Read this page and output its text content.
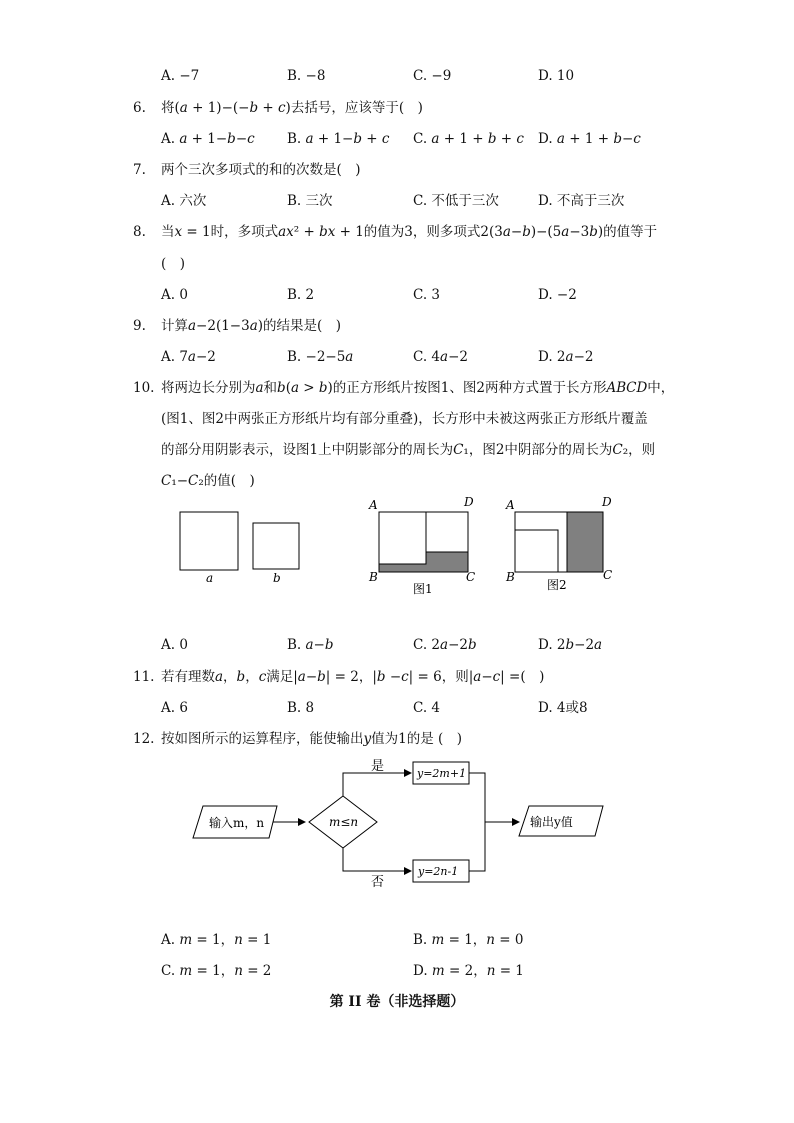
A. −7	B. −8	C. −9	D. 10
6. 将(𝑎 + 1)−(−𝑏 + 𝑐)去括号，应该等于(　)
A. 𝑎 + 1−𝑏−𝑐 B. 𝑎 + 1−𝑏 + 𝑐 C. 𝑎 + 1 + 𝑏 + 𝑐 D. 𝑎 + 1 + 𝑏−𝑐
7. 两个三次多项式的和的次数是(　)
A. 六次	B. 三次	C. 不低于三次	D. 不高于三次
8. 当𝑥 = 1时，多项式𝑎𝑥² + 𝑏𝑥 + 1的值为3，则多项式2(3𝑎−𝑏)−(5𝑎−3𝑏)的值等于
(　)
A. 0	B. 2	C. 3	D. −2
9. 计算𝑎−2(1−3𝑎)的结果是(　)
A. 7𝑎−2	B. −2−5𝑎	C. 4𝑎−2	D. 2𝑎−2
10. 将两边长分别为𝑎和𝑏(𝑎 > 𝑏)的正方形纸片按图1、图2两种方式置于长方形𝐴𝐵𝐶𝐷中，
(图1、图2中两张正方形纸片均有部分重叠)，长方形中未被这两张正方形纸片覆盖
的部分用阴影表示，设图1上中阴影部分的周长为𝐶₁，图2中阴部分的周长为𝐶₂，则
𝐶₁−𝐶₂的值(　)
a	b
A	D
B	C
图1
A	D
B	C
图2
A. 0	B. 𝑎−𝑏	C. 2𝑎−2𝑏	D. 2𝑏−2𝑎
11. 若有理数𝑎，𝑏，𝑐满足|𝑎−𝑏| = 2，|𝑏 −𝑐| = 6，则|𝑎−𝑐| =(　)
A. 6	B. 8	C. 4	D. 4或8
12. 按如图所示的运算程序，能使输出𝑦值为1的是 (　)
输入m，n	m≤n
是	y=2m+1
否
y=2n-1
输出y值
A. 𝑚 = 1，𝑛 = 1	B. 𝑚 = 1，𝑛 = 0
C. 𝑚 = 1，𝑛 = 2	D. 𝑚 = 2，𝑛 = 1
第 II 卷（非选择题）
